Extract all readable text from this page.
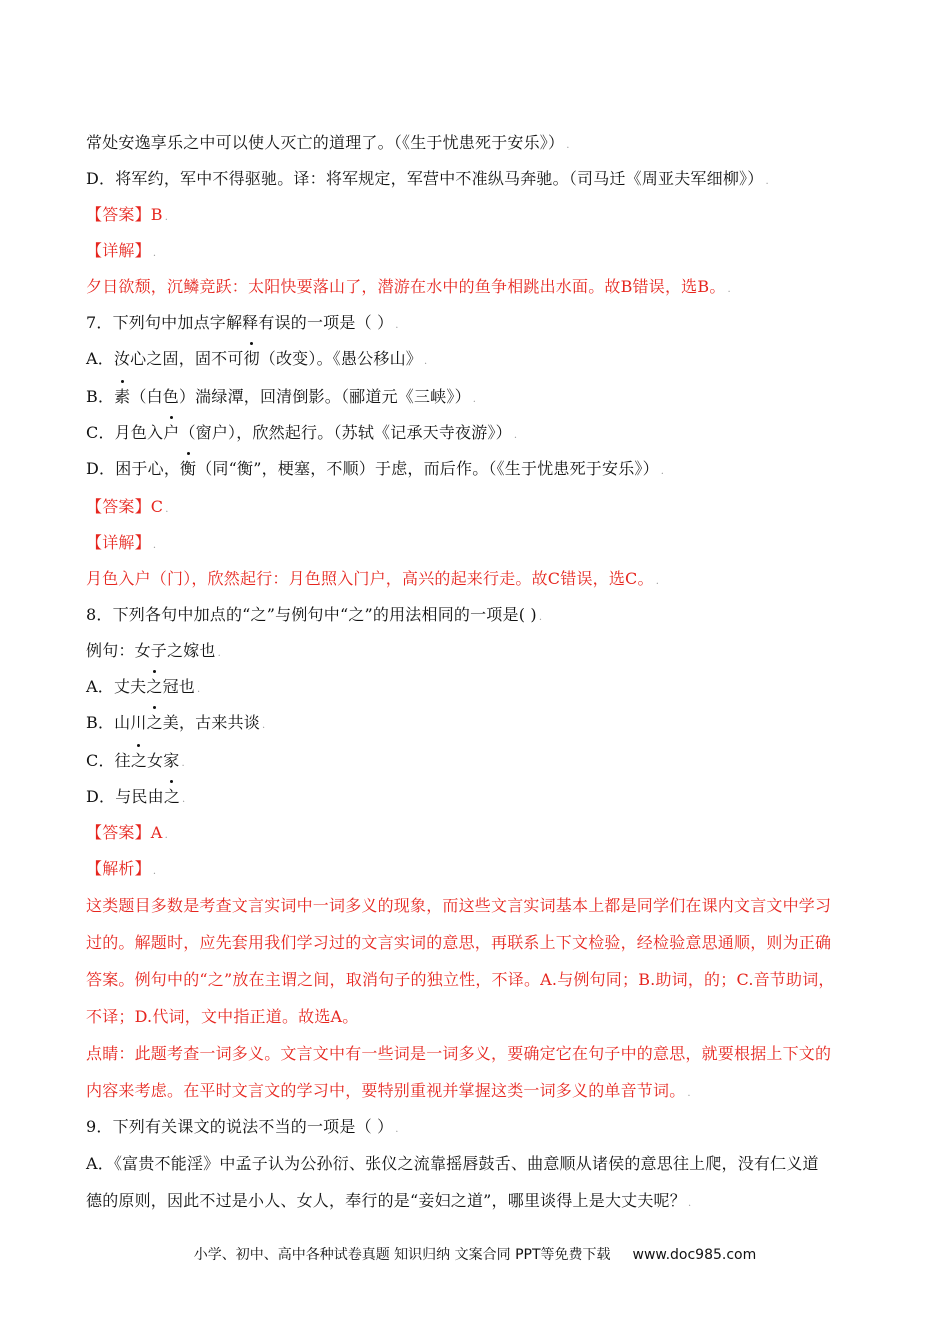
常处安逸享乐之中可以使人灭亡的道理了。（《生于忧患死于安乐》） .
D．将军约，军中不得驱驰。译：将军规定，军营中不准纵马奔驰。（司马迁《周亚夫军细柳》） .
【答案】B .
【详解】 .
夕日欲颓，沉鳞竞跃：太阳快要落山了，潜游在水中的鱼争相跳出水面。故B错误，选B。 .
7．下列句中加点字解释有误的一项是（ ） .
A．汝心之固，固不可彻（改变）。《愚公移山》 .
B．素（白色）湍绿潭，回清倒影。（郦道元《三峡》） .
C．月色入户（窗户），欣然起行。（苏轼《记承天寺夜游》） .
D．困于心，衡（同“衡”，梗塞，不顺）于虑，而后作。（《生于忧患死于安乐》） .
【答案】C .
【详解】 .
月色入户（门），欣然起行：月色照入门户，高兴的起来行走。故C错误，选C。 .
8．下列各句中加点的“之”与例句中“之”的用法相同的一项是( ) .
例句：女子之嫁也 .
A．丈夫之冠也 .
B．山川之美，古来共谈 .
C．往之女家 .
D．与民由之 .
【答案】A .
【解析】 .
这类题目多数是考查文言实词中一词多义的现象，而这些文言实词基本上都是同学们在课内文言文中学习
过的。解题时，应先套用我们学习过的文言实词的意思，再联系上下文检验，经检验意思通顺，则为正确
答案。例句中的“之”放在主谓之间，取消句子的独立性，不译。A.与例句同；B.助词，的；C.音节助词，
不译；D.代词，文中指正道。故选A。
点睛：此题考查一词多义。文言文中有一些词是一词多义，要确定它在句子中的意思，就要根据上下文的
内容来考虑。在平时文言文的学习中，要特别重视并掌握这类一词多义的单音节词。 .
9．下列有关课文的说法不当的一项是（ ） .
A．《富贵不能淫》中孟子认为公孙衍、张仪之流靠摇唇鼓舌、曲意顺从诸侯的意思往上爬，没有仁义道
德的原则，因此不过是小人、女人，奉行的是“妾妇之道”，哪里谈得上是大丈夫呢？ .
小学、初中、高中各种试卷真题 知识归纳 文案合同 PPT等免费下载 www.doc985.com
